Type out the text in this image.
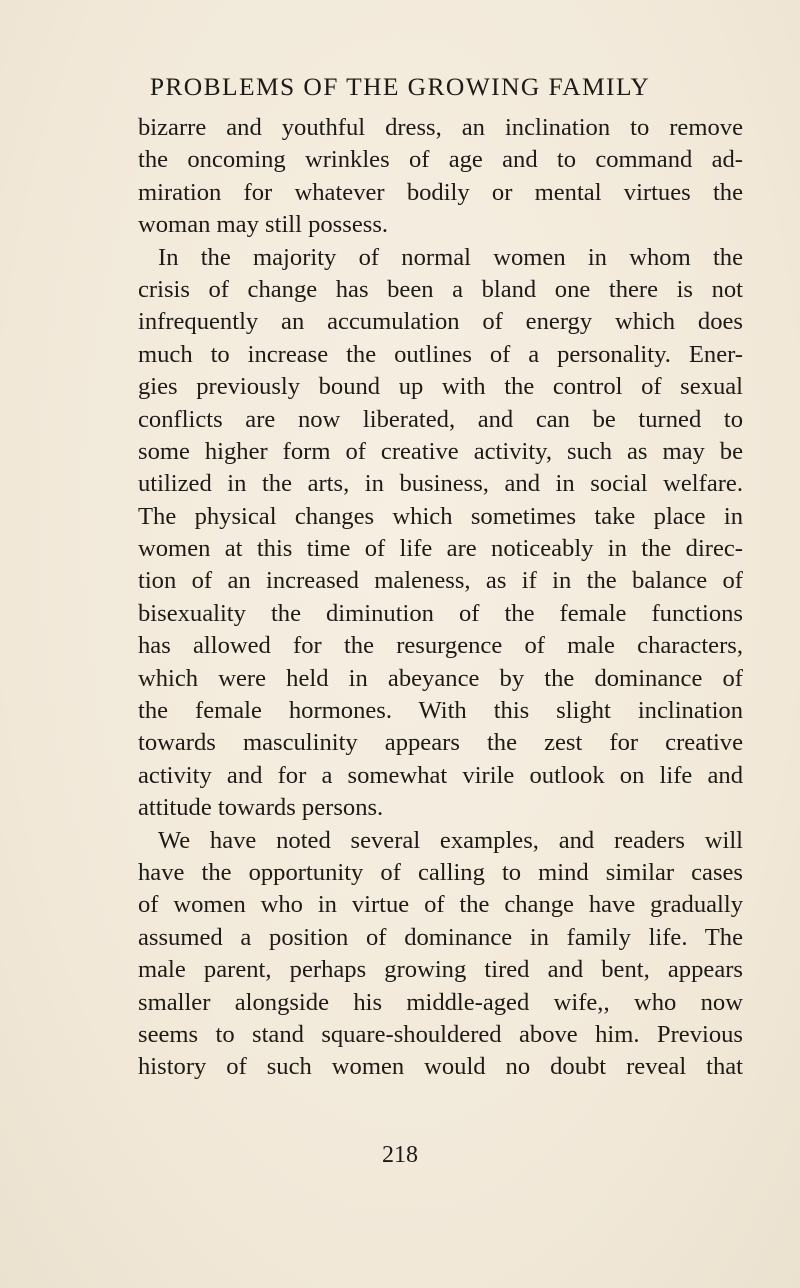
PROBLEMS OF THE GROWING FAMILY
bizarre and youthful dress, an inclination to remove
the oncoming wrinkles of age and to command ad-
miration for whatever bodily or mental virtues the
woman may still possess.
In the majority of normal women in whom the
crisis of change has been a bland one there is not
infrequently an accumulation of energy which does
much to increase the outlines of a personality. Ener-
gies previously bound up with the control of sexual
conflicts are now liberated, and can be turned to
some higher form of creative activity, such as may be
utilized in the arts, in business, and in social welfare.
The physical changes which sometimes take place in
women at this time of life are noticeably in the direc-
tion of an increased maleness, as if in the balance of
bisexuality the diminution of the female functions
has allowed for the resurgence of male characters,
which were held in abeyance by the dominance of
the female hormones. With this slight inclination
towards masculinity appears the zest for creative
activity and for a somewhat virile outlook on life and
attitude towards persons.
We have noted several examples, and readers will
have the opportunity of calling to mind similar cases
of women who in virtue of the change have gradually
assumed a position of dominance in family life. The
male parent, perhaps growing tired and bent, appears
smaller alongside his middle-aged wife,, who now
seems to stand square-shouldered above him. Previous
history of such women would no doubt reveal that
218
